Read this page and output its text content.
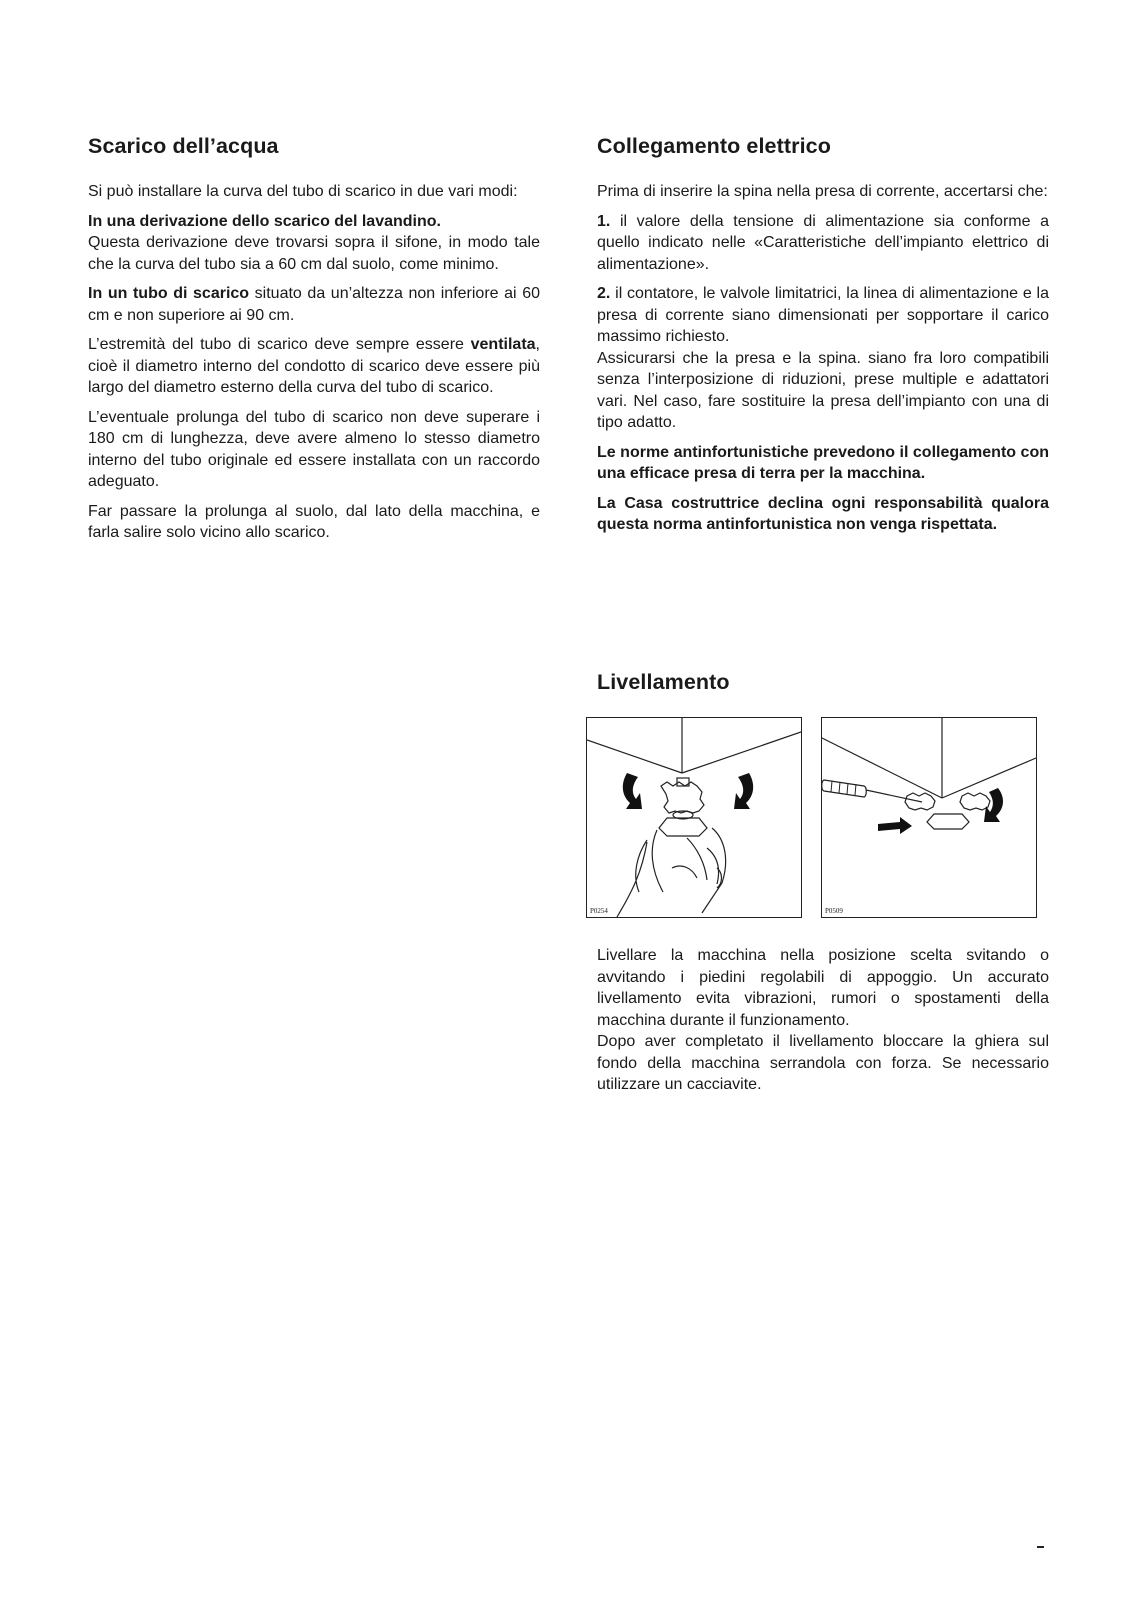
Scarico dell’acqua

Si può installare la curva del tubo di scarico in due vari modi:

In una derivazione dello scarico del lavandino.

Questa derivazione deve trovarsi sopra il sifone, in modo tale che la curva del tubo sia a 60 cm dal suolo, come minimo.

In un tubo di scarico situato da un’altezza non inferiore ai 60 cm e non superiore ai 90 cm.

L’estremità del tubo di scarico deve sempre essere ventilata, cioè il diametro interno del condotto di scarico deve essere più largo del diametro esterno della curva del tubo di scarico.

L’eventuale prolunga del tubo di scarico non deve superare i 180 cm di lunghezza, deve avere almeno lo stesso diametro interno del tubo originale ed essere installata con un raccordo adeguato.

Far passare la prolunga al suolo, dal lato della macchina, e farla salire solo vicino allo scarico.

Collegamento elettrico

Prima di inserire la spina nella presa di corrente, accertarsi che:

1. il valore della tensione di alimentazione sia conforme a quello indicato nelle «Caratteristiche dell’impianto elettrico di alimentazione».

2. il contatore, le valvole limitatrici, la linea di alimentazione e la presa di corrente siano dimensionati per sopportare il carico massimo richiesto.

Assicurarsi che la presa e la spina. siano fra loro compatibili senza l’interposizione di riduzioni, prese multiple e adattatori vari. Nel caso, fare sostituire la presa dell’impianto con una di tipo adatto.

Le norme antinfortunistiche prevedono il collegamento con una efficace presa di terra per la macchina.

La Casa costruttrice declina ogni responsabilità qualora questa norma antinfortunistica non venga rispettata.

Livellamento
P0254	P0509

Livellare la macchina nella posizione scelta svitando o avvitando i piedini regolabili di appoggio. Un accurato livellamento evita vibrazioni, rumori o spostamenti della macchina durante il funzionamento.

Dopo aver completato il livellamento bloccare la ghiera sul fondo della macchina serrandola con forza. Se necessario utilizzare un cacciavite.
